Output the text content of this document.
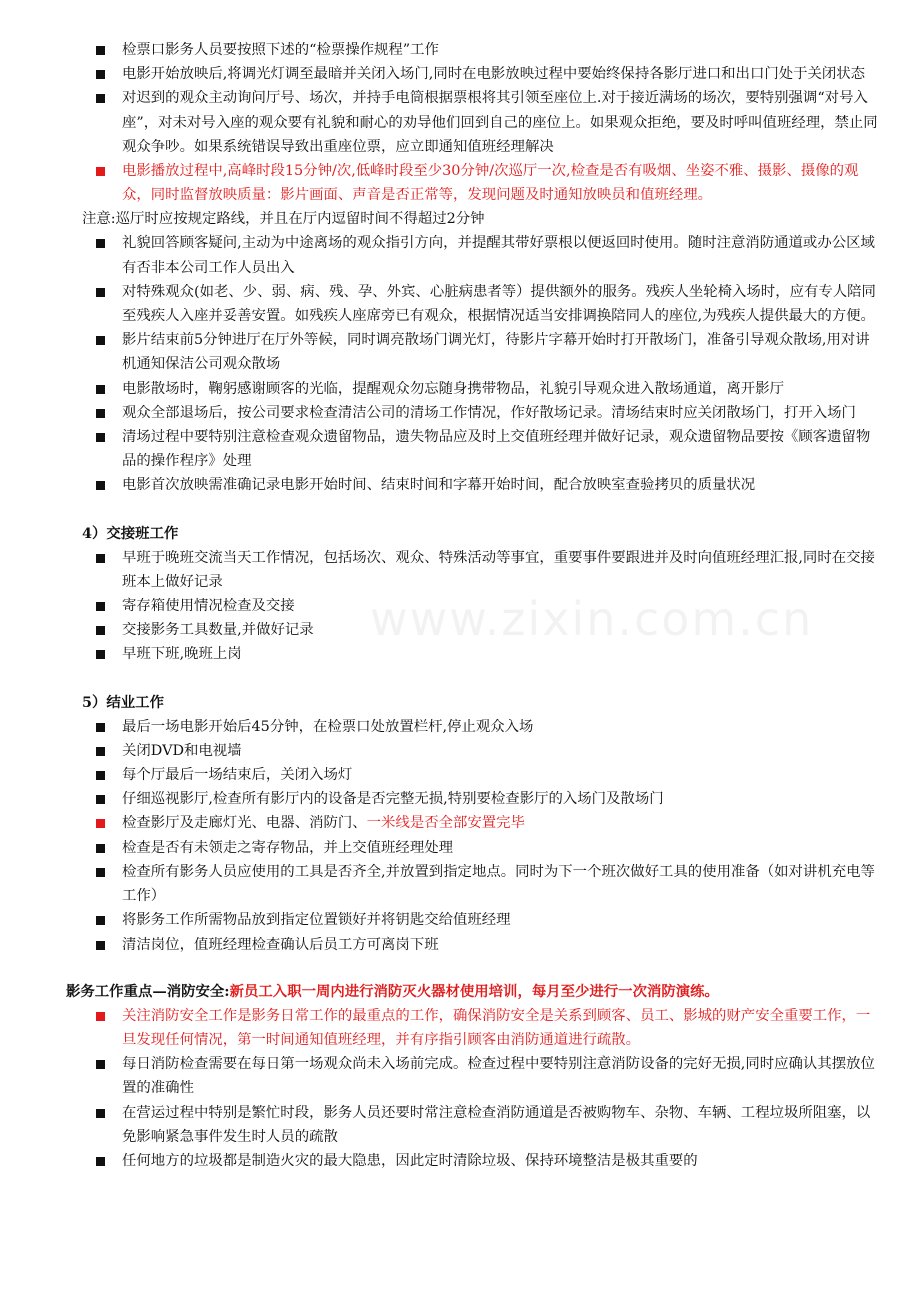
www.zixin.com.cn
检票口影务人员要按照下述的“检票操作规程”工作
电影开始放映后,将调光灯调至最暗并关闭入场门,同时在电影放映过程中要始终保持各影厅进口和出口门处于关闭状态
对迟到的观众主动询问厅号、场次，并持手电筒根据票根将其引领至座位上.对于接近满场的场次，要特别强调“对号入座”，对未对号入座的观众要有礼貌和耐心的劝导他们回到自己的座位上。如果观众拒绝，要及时呼叫值班经理，禁止同观众争吵。如果系统错误导致出重座位票，应立即通知值班经理解决
电影播放过程中,高峰时段15分钟/次,低峰时段至少30分钟/次巡厅一次,检查是否有吸烟、坐姿不雅、摄影、摄像的观众，同时监督放映质量：影片画面、声音是否正常等，发现问题及时通知放映员和值班经理。
注意:巡厅时应按规定路线，并且在厅内逗留时间不得超过2分钟
礼貌回答顾客疑问,主动为中途离场的观众指引方向，并提醒其带好票根以便返回时使用。随时注意消防通道或办公区域有否非本公司工作人员出入
对特殊观众(如老、少、弱、病、残、孕、外宾、心脏病患者等）提供额外的服务。残疾人坐轮椅入场时，应有专人陪同至残疾人入座并妥善安置。如残疾人座席旁已有观众，根据情况适当安排调换陪同人的座位,为残疾人提供最大的方便。
影片结束前5分钟进厅在厅外等候，同时调亮散场门调光灯，待影片字幕开始时打开散场门，准备引导观众散场,用对讲机通知保洁公司观众散场
电影散场时，鞠躬感谢顾客的光临，提醒观众勿忘随身携带物品，礼貌引导观众进入散场通道，离开影厅
观众全部退场后，按公司要求检查清洁公司的清场工作情况，作好散场记录。清场结束时应关闭散场门，打开入场门
清场过程中要特别注意检查观众遗留物品，遗失物品应及时上交值班经理并做好记录，观众遗留物品要按《顾客遗留物品的操作程序》处理
电影首次放映需准确记录电影开始时间、结束时间和字幕开始时间，配合放映室查验拷贝的质量状况
4）交接班工作
早班于晚班交流当天工作情况，包括场次、观众、特殊活动等事宜，重要事件要跟进并及时向值班经理汇报,同时在交接班本上做好记录
寄存箱使用情况检查及交接
交接影务工具数量,并做好记录
早班下班,晚班上岗
5）结业工作
最后一场电影开始后45分钟，在检票口处放置栏杆,停止观众入场
关闭DVD和电视墙
每个厅最后一场结束后，关闭入场灯
仔细巡视影厅,检查所有影厅内的设备是否完整无损,特别要检查影厅的入场门及散场门
检查影厅及走廊灯光、电器、消防门、一米线是否全部安置完毕
检查是否有未领走之寄存物品，并上交值班经理处理
检查所有影务人员应使用的工具是否齐全,并放置到指定地点。同时为下一个班次做好工具的使用准备（如对讲机充电等工作）
将影务工作所需物品放到指定位置锁好并将钥匙交给值班经理
清洁岗位，值班经理检查确认后员工方可离岗下班
影务工作重点—消防安全:新员工入职一周内进行消防灭火器材使用培训，每月至少进行一次消防演练。
关注消防安全工作是影务日常工作的最重点的工作，确保消防安全是关系到顾客、员工、影城的财产安全重要工作，一旦发现任何情况，第一时间通知值班经理，并有序指引顾客由消防通道进行疏散。
每日消防检查需要在每日第一场观众尚未入场前完成。检查过程中要特别注意消防设备的完好无损,同时应确认其摆放位置的准确性
在营运过程中特别是繁忙时段，影务人员还要时常注意检查消防通道是否被购物车、杂物、车辆、工程垃圾所阻塞，以免影响紧急事件发生时人员的疏散
任何地方的垃圾都是制造火灾的最大隐患，因此定时清除垃圾、保持环境整洁是极其重要的
